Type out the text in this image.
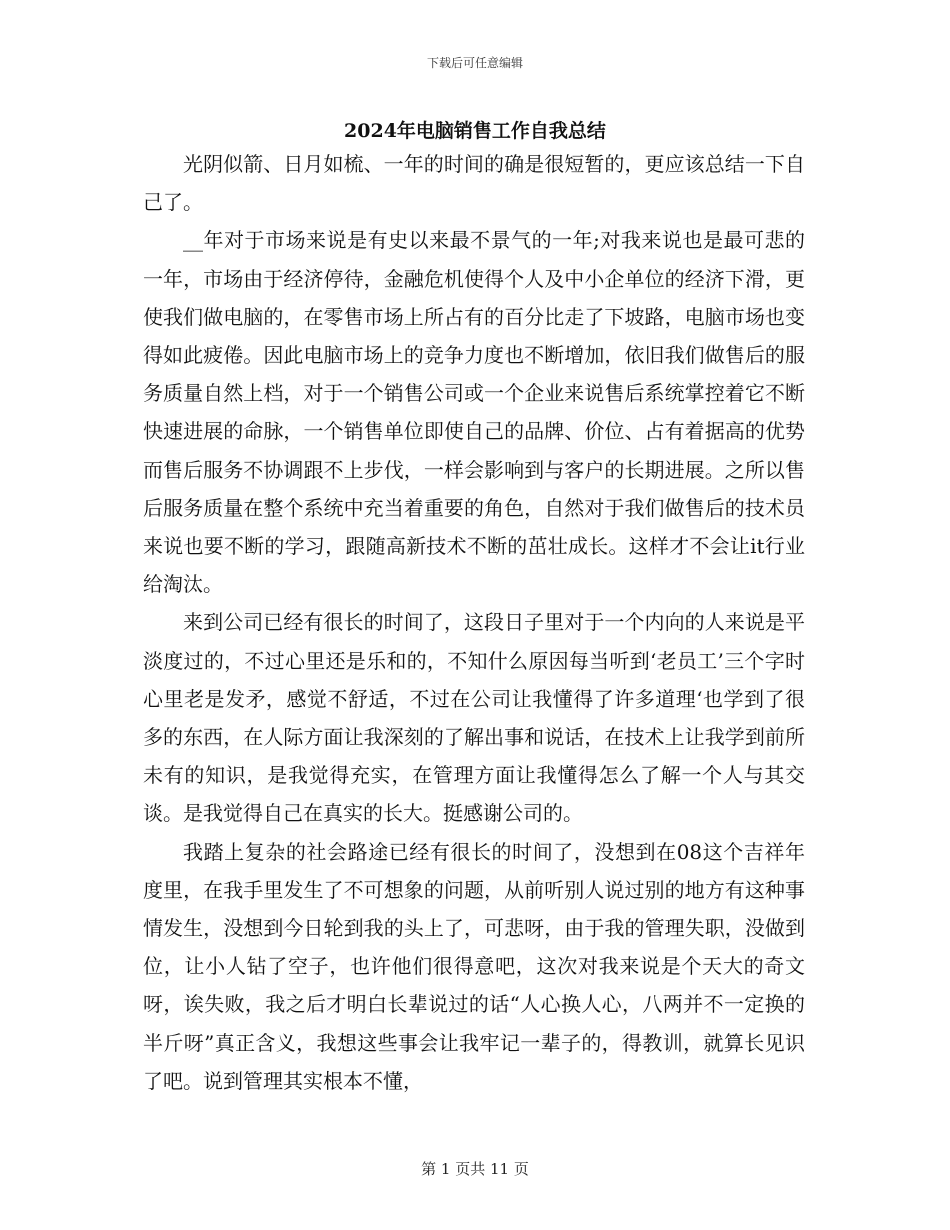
下载后可任意编辑
2024年电脑销售工作自我总结

光阴似箭、日月如梳、一年的时间的确是很短暂的，更应该总结一下自己了。

__年对于市场来说是有史以来最不景气的一年;对我来说也是最可悲的一年，市场由于经济停待，金融危机使得个人及中小企单位的经济下滑，更使我们做电脑的，在零售市场上所占有的百分比走了下坡路，电脑市场也变得如此疲倦。因此电脑市场上的竞争力度也不断增加，依旧我们做售后的服务质量自然上档，对于一个销售公司或一个企业来说售后系统掌控着它不断快速进展的命脉，一个销售单位即使自己的品牌、价位、占有着据高的优势而售后服务不协调跟不上步伐，一样会影响到与客户的长期进展。之所以售后服务质量在整个系统中充当着重要的角色，自然对于我们做售后的技术员来说也要不断的学习，跟随高新技术不断的茁壮成长。这样才不会让it行业给淘汰。

来到公司已经有很长的时间了，这段日子里对于一个内向的人来说是平淡度过的，不过心里还是乐和的，不知什么原因每当听到‘老员工’三个字时心里老是发矛，感觉不舒适，不过在公司让我懂得了许多道理‘也学到了很多的东西，在人际方面让我深刻的了解出事和说话，在技术上让我学到前所未有的知识，是我觉得充实，在管理方面让我懂得怎么了解一个人与其交谈。是我觉得自己在真实的长大。挺感谢公司的。

我踏上复杂的社会路途已经有很长的时间了，没想到在08这个吉祥年度里，在我手里发生了不可想象的问题，从前听别人说过别的地方有这种事情发生，没想到今日轮到我的头上了，可悲呀，由于我的管理失职，没做到位，让小人钻了空子，也许他们很得意吧，这次对我来说是个天大的奇文呀，诶失败，我之后才明白长辈说过的话“人心换人心，八两并不一定换的半斤呀”真正含义，我想这些事会让我牢记一辈子的，得教训，就算长见识了吧。说到管理其实根本不懂，

第 1 页共 11 页
